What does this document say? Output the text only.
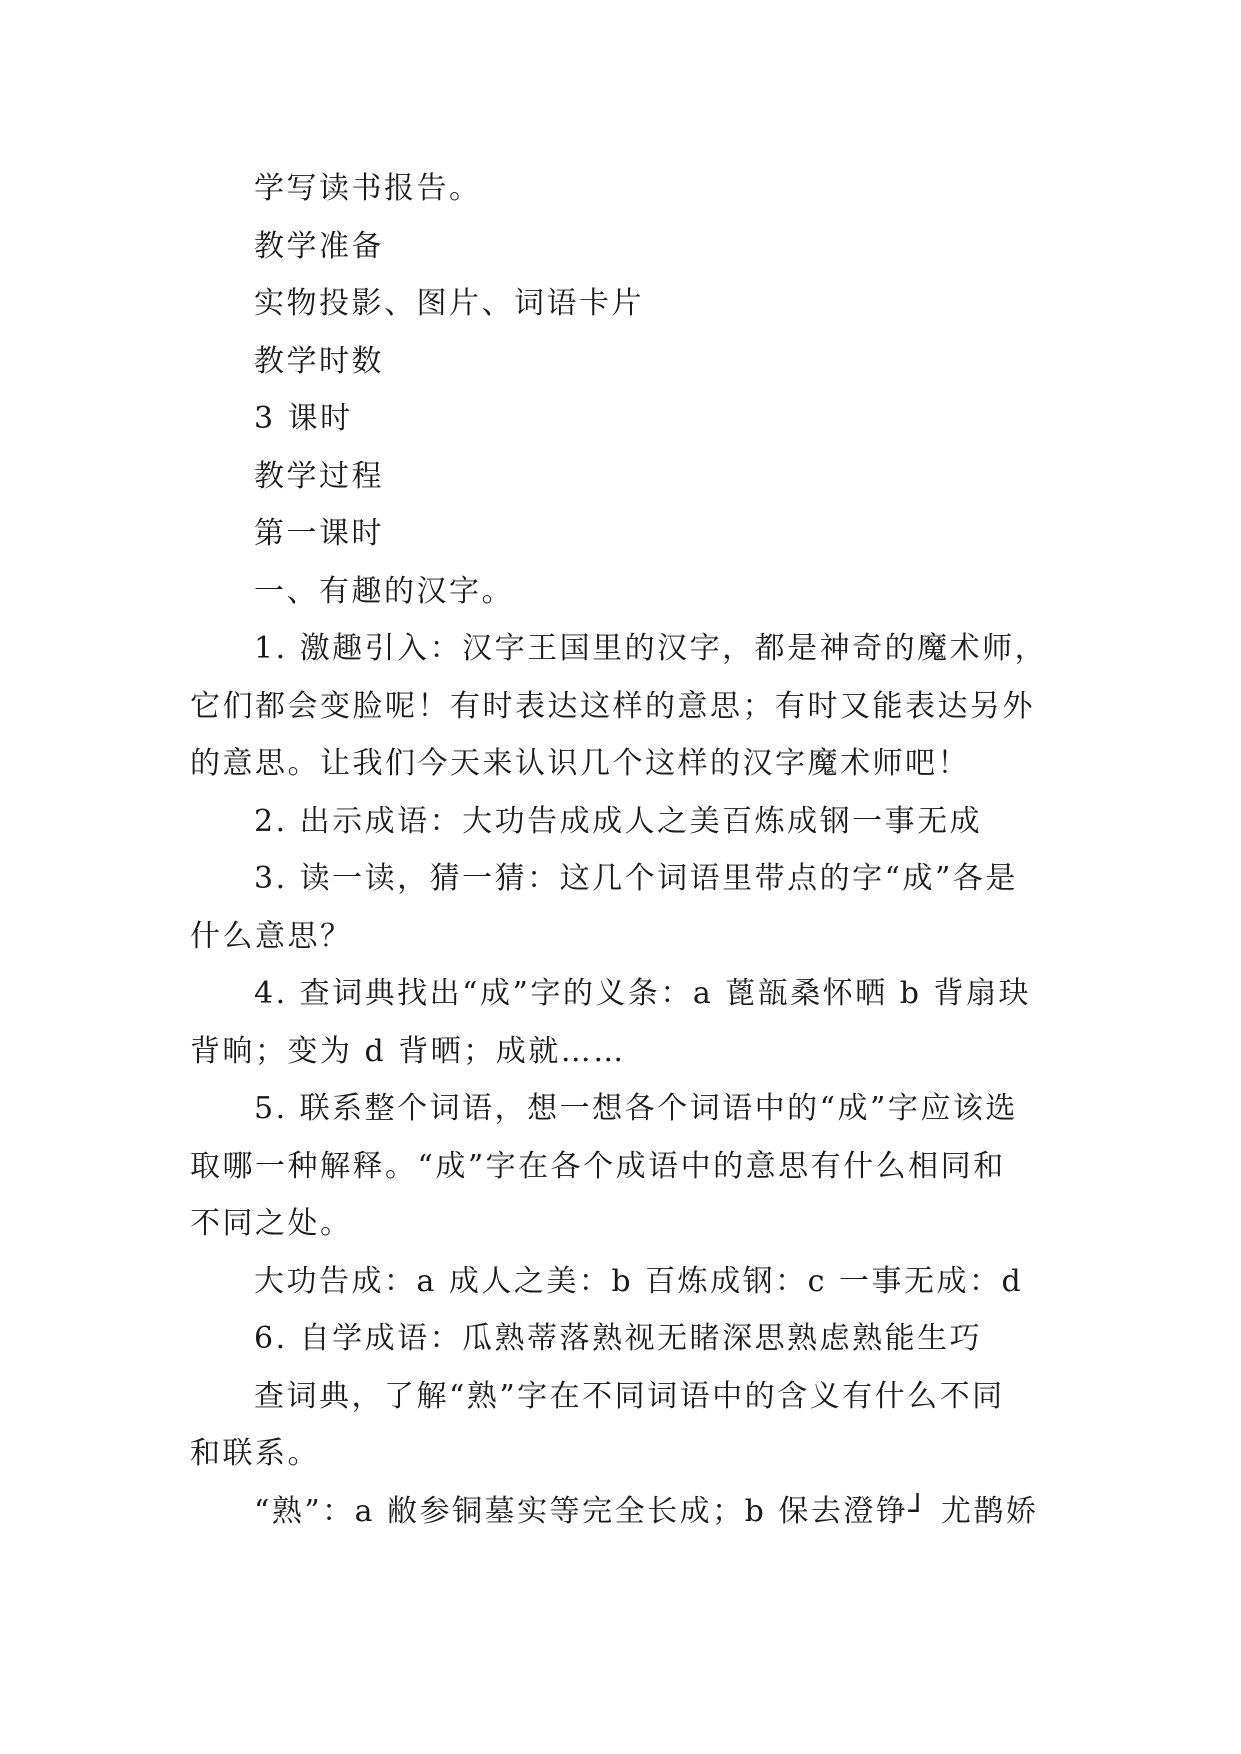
学写读书报告。
教学准备
实物投影、图片、词语卡片
教学时数
3 课时
教学过程
第一课时
一、有趣的汉字。
1. 激趣引入：汉字王国里的汉字，都是神奇的魔术师，
它们都会变脸呢！有时表达这样的意思；有时又能表达另外
的意思。让我们今天来认识几个这样的汉字魔术师吧！
2. 出示成语：大功告成成人之美百炼成钢一事无成
3. 读一读，猜一猜：这几个词语里带点的字“成”各是
什么意思？
4. 查词典找出“成”字的义条：a 蓖瓿桑怀晒 b 背扇玦
背晌；变为 d 背晒；成就……
5. 联系整个词语，想一想各个词语中的“成”字应该选
取哪一种解释。“成”字在各个成语中的意思有什么相同和
不同之处。
大功告成：a 成人之美：b 百炼成钢：c 一事无成：d
6. 自学成语：瓜熟蒂落熟视无睹深思熟虑熟能生巧
查词典，了解“熟”字在不同词语中的含义有什么不同
和联系。
“熟”：a 敝参铜墓实等完全长成；b 保去澄铮┘ 尤鹊娇
